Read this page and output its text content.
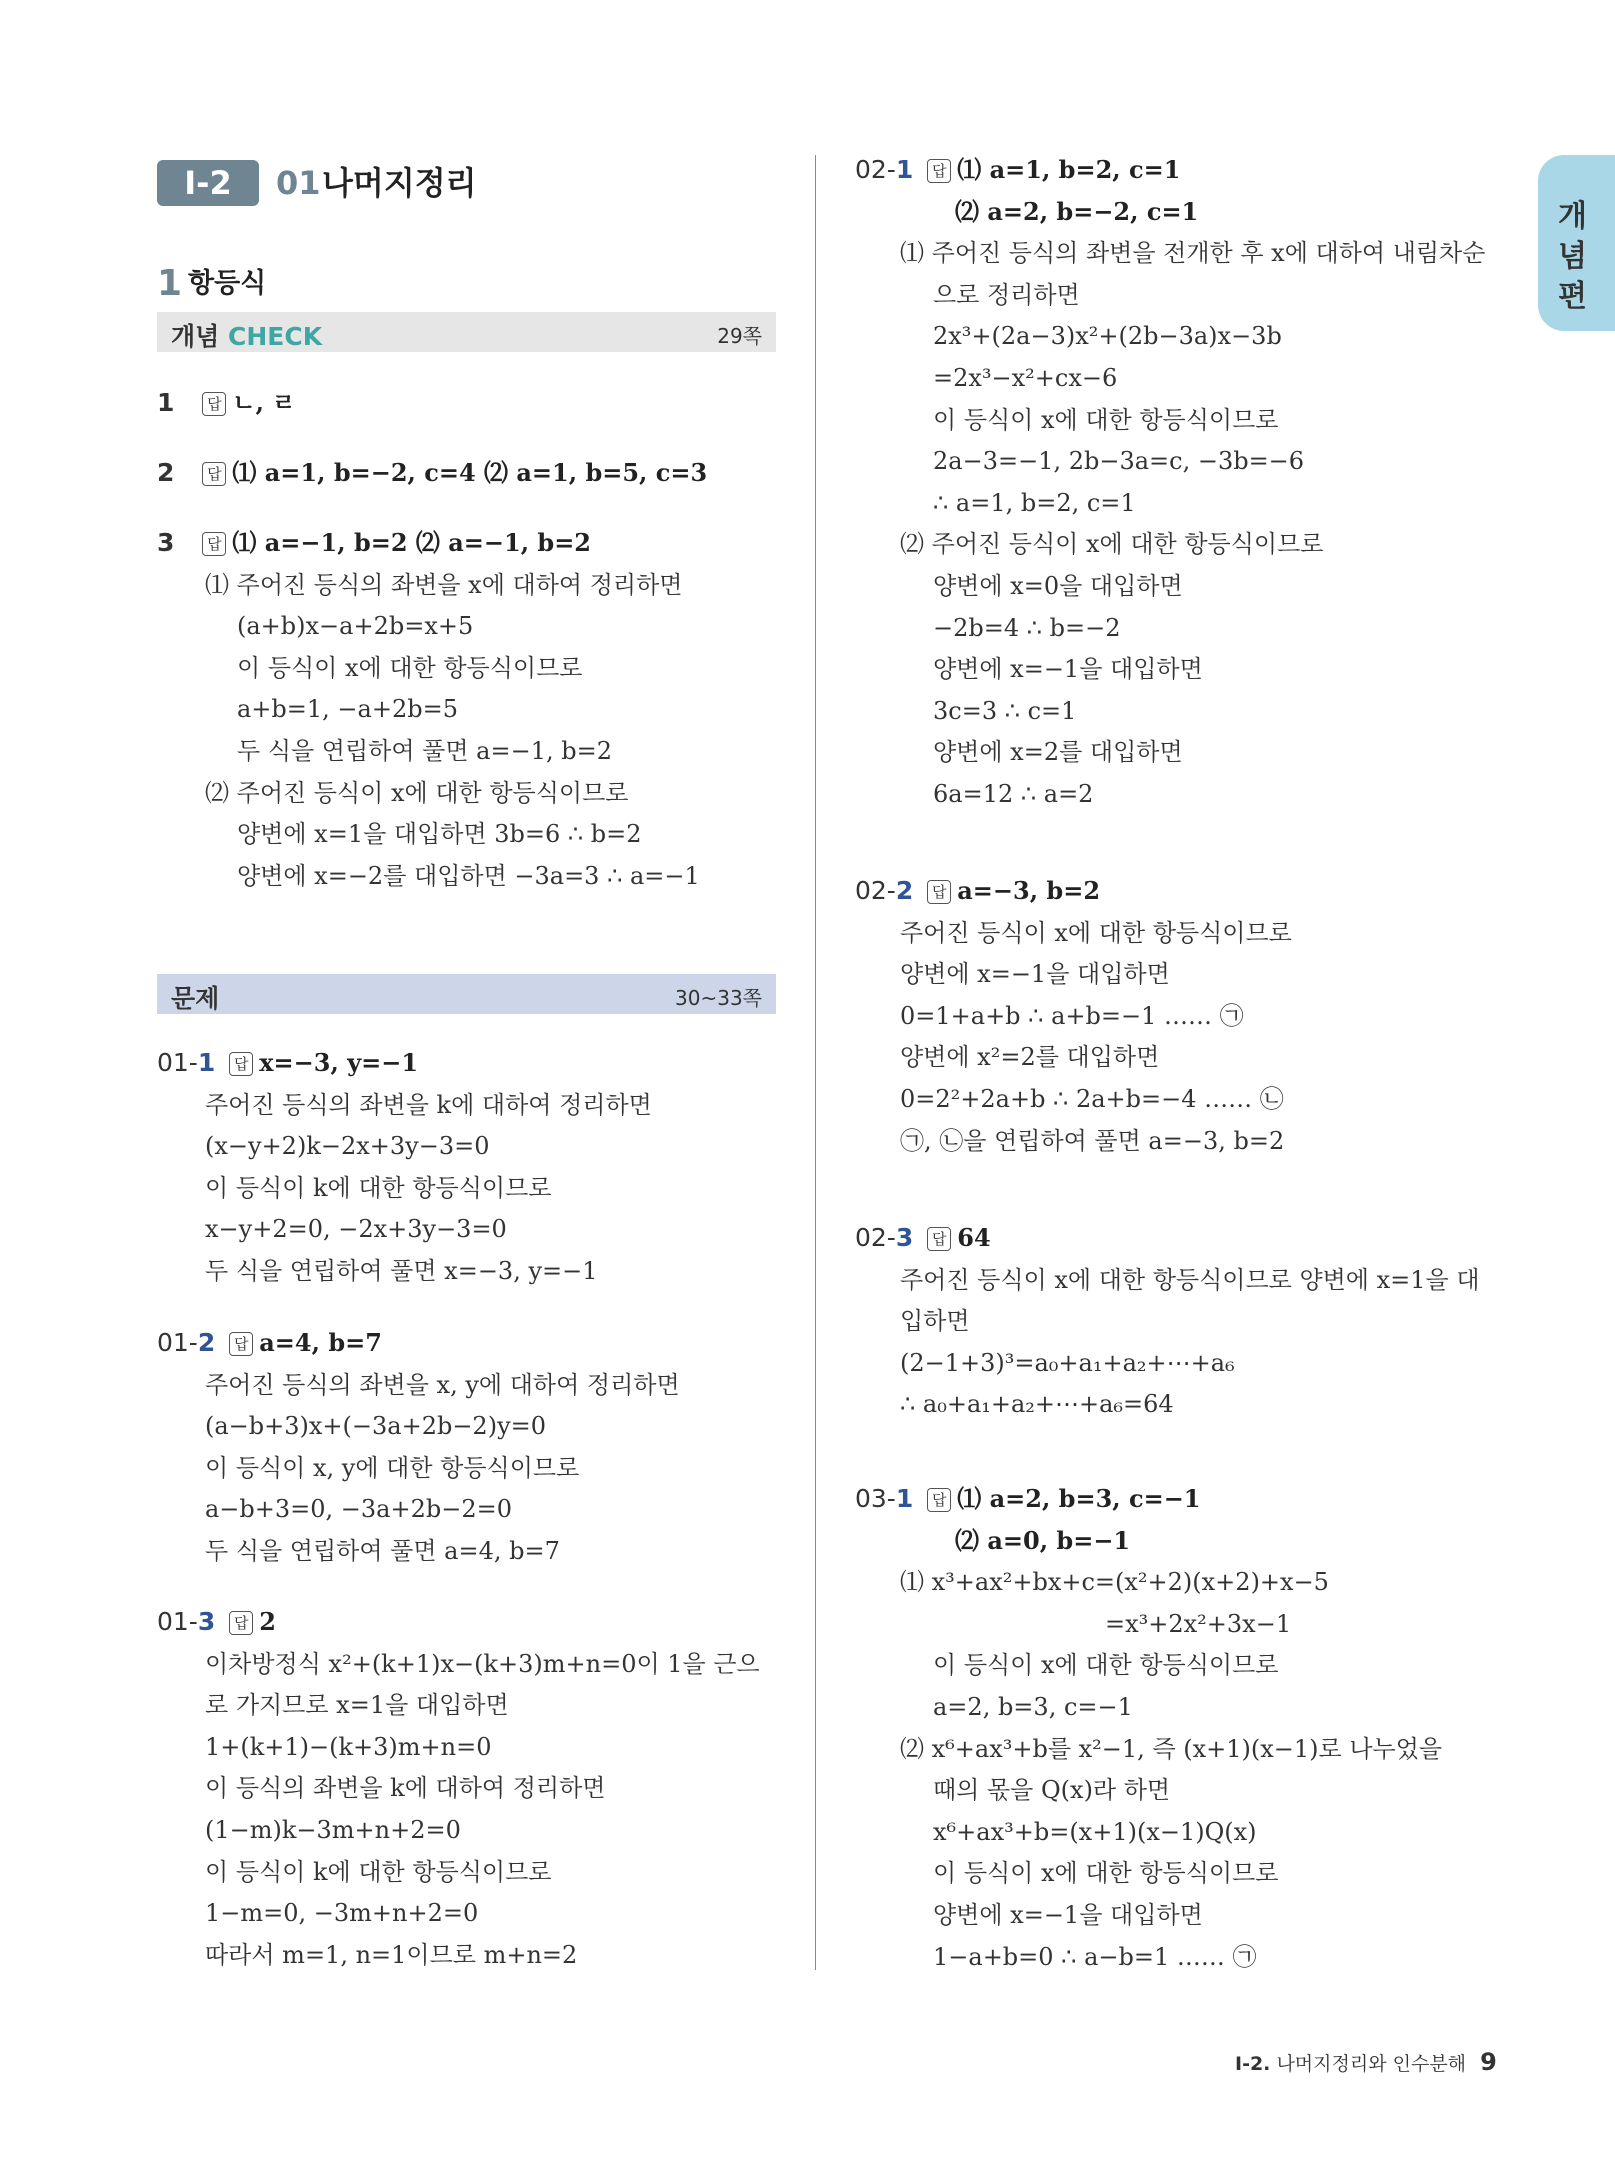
Ⅰ-2	01 나머지정리
개
념
편
1 항등식
개념 CHECK	29쪽
문제	30~33쪽
1 답 ㄴ, ㄹ
2 답 ⑴ a=1, b=−2, c=4 ⑵ a=1, b=5, c=3
3 답 ⑴ a=−1, b=2 ⑵ a=−1, b=2
⑴ 주어진 등식의 좌변을 x에 대하여 정리하면
(a+b)x−a+2b=x+5
이 등식이 x에 대한 항등식이므로
a+b=1, −a+2b=5
두 식을 연립하여 풀면 a=−1, b=2
⑵ 주어진 등식이 x에 대한 항등식이므로
양변에 x=1을 대입하면 3b=6 ∴ b=2
양변에 x=−2를 대입하면 −3a=3 ∴ a=−1
01-1 답 x=−3, y=−1
주어진 등식의 좌변을 k에 대하여 정리하면
(x−y+2)k−2x+3y−3=0
이 등식이 k에 대한 항등식이므로
x−y+2=0, −2x+3y−3=0
두 식을 연립하여 풀면 x=−3, y=−1
01-2 답 a=4, b=7
주어진 등식의 좌변을 x, y에 대하여 정리하면
(a−b+3)x+(−3a+2b−2)y=0
이 등식이 x, y에 대한 항등식이므로
a−b+3=0, −3a+2b−2=0
두 식을 연립하여 풀면 a=4, b=7
01-3 답 2
이차방정식 x²+(k+1)x−(k+3)m+n=0이 1을 근으
로 가지므로 x=1을 대입하면
1+(k+1)−(k+3)m+n=0
이 등식의 좌변을 k에 대하여 정리하면
(1−m)k−3m+n+2=0
이 등식이 k에 대한 항등식이므로
1−m=0, −3m+n+2=0
따라서 m=1, n=1이므로 m+n=2
02-1 답 ⑴ a=1, b=2, c=1
⑵ a=2, b=−2, c=1
⑴ 주어진 등식의 좌변을 전개한 후 x에 대하여 내림차순
으로 정리하면
2x³+(2a−3)x²+(2b−3a)x−3b
=2x³−x²+cx−6
이 등식이 x에 대한 항등식이므로
2a−3=−1, 2b−3a=c, −3b=−6
∴ a=1, b=2, c=1
⑵ 주어진 등식이 x에 대한 항등식이므로
양변에 x=0을 대입하면
−2b=4 ∴ b=−2
양변에 x=−1을 대입하면
3c=3 ∴ c=1
양변에 x=2를 대입하면
6a=12 ∴ a=2
02-2 답 a=−3, b=2
주어진 등식이 x에 대한 항등식이므로
양변에 x=−1을 대입하면
0=1+a+b ∴ a+b=−1 …… ㉠
양변에 x²=2를 대입하면
0=2²+2a+b ∴ 2a+b=−4 …… ㉡
㉠, ㉡을 연립하여 풀면 a=−3, b=2
02-3 답 64
주어진 등식이 x에 대한 항등식이므로 양변에 x=1을 대
입하면
(2−1+3)³=a₀+a₁+a₂+⋯+a₆
∴ a₀+a₁+a₂+⋯+a₆=64
03-1 답 ⑴ a=2, b=3, c=−1
⑵ a=0, b=−1
⑴ x³+ax²+bx+c=(x²+2)(x+2)+x−5
=x³+2x²+3x−1
이 등식이 x에 대한 항등식이므로
a=2, b=3, c=−1
⑵ x⁶+ax³+b를 x²−1, 즉 (x+1)(x−1)로 나누었을
때의 몫을 Q(x)라 하면
x⁶+ax³+b=(x+1)(x−1)Q(x)
이 등식이 x에 대한 항등식이므로
양변에 x=−1을 대입하면
1−a+b=0 ∴ a−b=1 …… ㉠
Ⅰ-2. 나머지정리와 인수분해 9
